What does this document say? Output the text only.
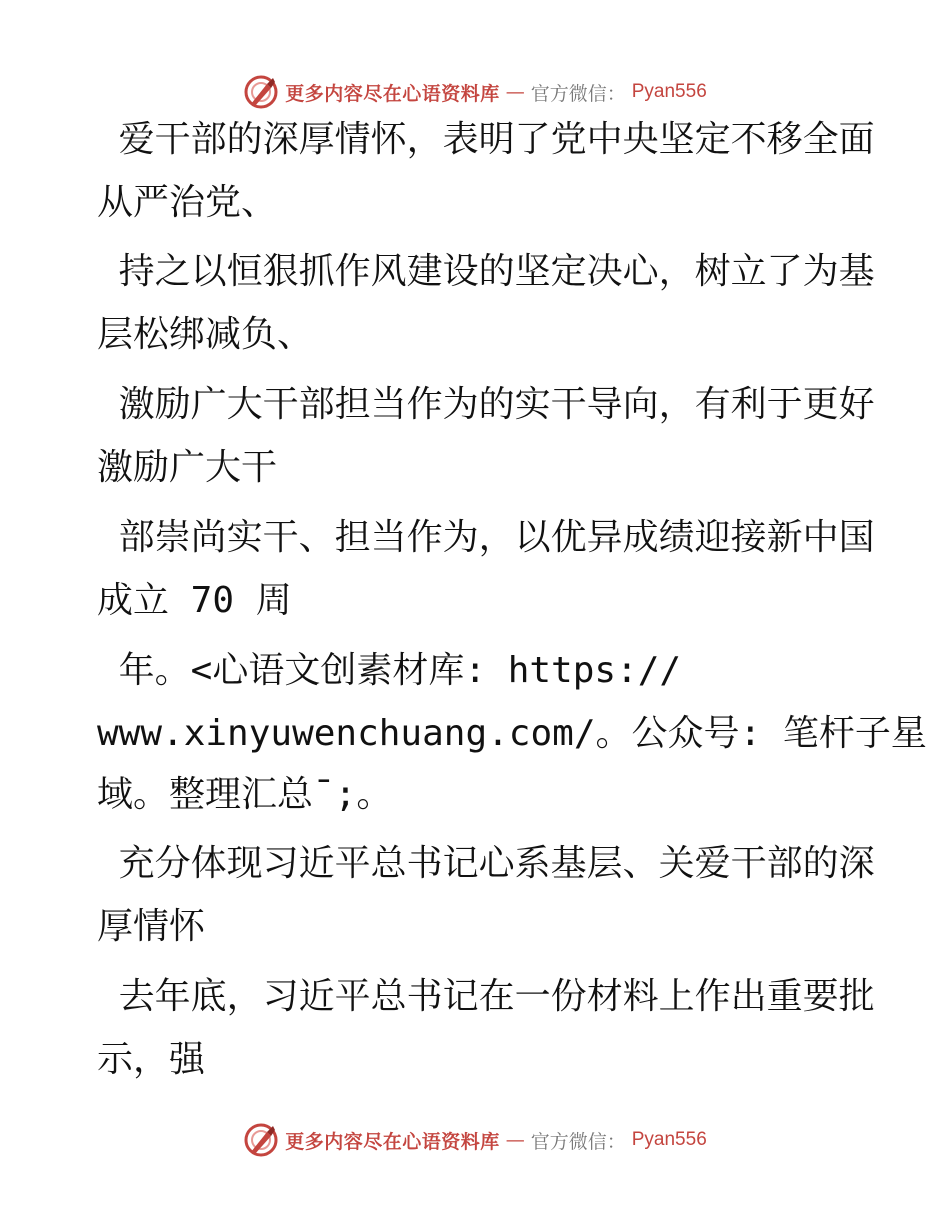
更多内容尽在心语资料库 — 官方微信： Pyan556
爱干部的深厚情怀，表明了党中央坚定不移全面
从严治党、
持之以恒狠抓作风建设的坚定决心，树立了为基
层松绑减负、
激励广大干部担当作为的实干导向，有利于更好
激励广大干
部崇尚实干、担当作为，以优异成绩迎接新中国
成立 70 周
年。<心语文创素材库: https://
www.xinyuwenchuang.com/。公众号: 笔杆子星
域。整理汇总¯;。
充分体现习近平总书记心系基层、关爱干部的深
厚情怀
去年底，习近平总书记在一份材料上作出重要批
示，强
更多内容尽在心语资料库 — 官方微信： Pyan556
